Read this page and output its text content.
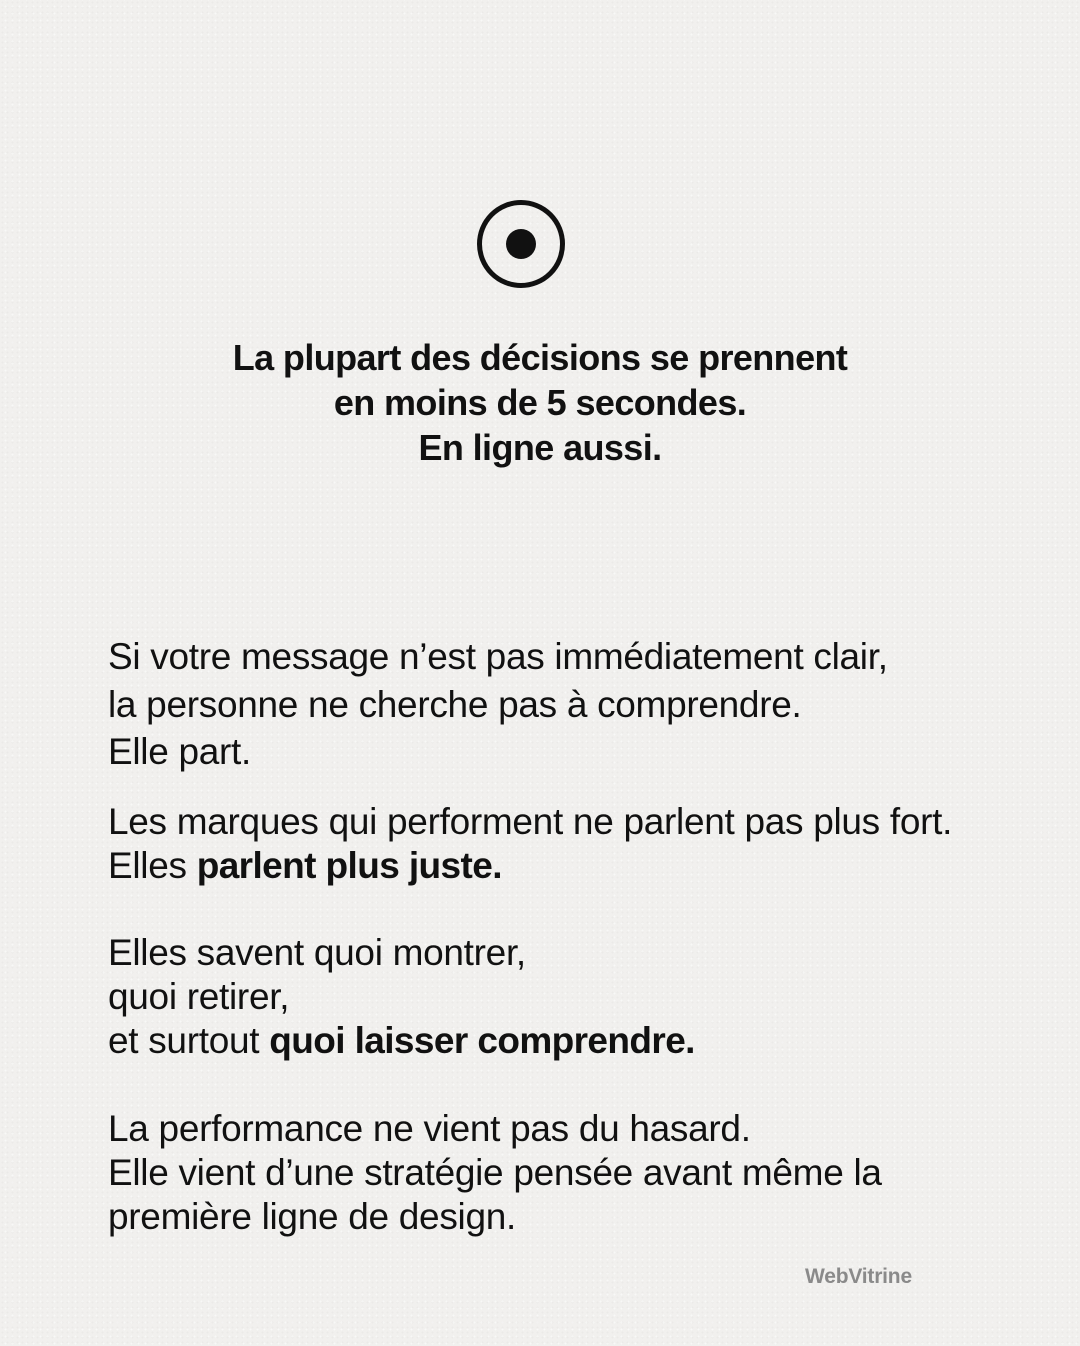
La plupart des décisions se prennent
en moins de 5 secondes.
En ligne aussi.
Si votre message n’est pas immédiatement clair,
la personne ne cherche pas à comprendre.
Elle part.
Les marques qui performent ne parlent pas plus fort.
Elles parlent plus juste.
Elles savent quoi montrer,
quoi retirer,
et surtout quoi laisser comprendre.
La performance ne vient pas du hasard.
Elle vient d’une stratégie pensée avant même la
première ligne de design.
WebVitrine
